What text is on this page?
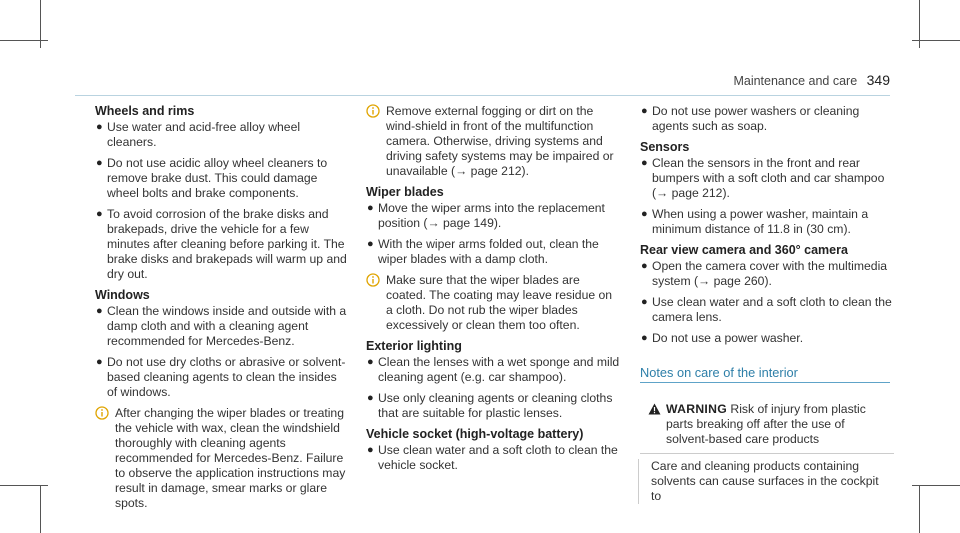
Maintenance and care 349
Wheels and rims
● Use water and acid-free alloy wheel cleaners.
● Do not use acidic alloy wheel cleaners to remove brake dust. This could damage wheel bolts and brake components.
● To avoid corrosion of the brake disks and brakepads, drive the vehicle for a few minutes after cleaning before parking it. The brake disks and brakepads will warm up and dry out.
Windows
● Clean the windows inside and outside with a damp cloth and with a cleaning agent recommended for Mercedes-Benz.
● Do not use dry cloths or abrasive or solvent-based cleaning agents to clean the insides of windows.
After changing the wiper blades or treating the vehicle with wax, clean the windshield thoroughly with cleaning agents recommended for Mercedes-Benz. Failure to observe the application instructions may result in damage, smear marks or glare spots.
Remove external fogging or dirt on the wind-shield in front of the multifunction camera. Otherwise, driving systems and driving safety systems may be impaired or unavailable (→ page 212).
Wiper blades
● Move the wiper arms into the replacement position (→ page 149).
● With the wiper arms folded out, clean the wiper blades with a damp cloth.
Make sure that the wiper blades are coated. The coating may leave residue on a cloth. Do not rub the wiper blades excessively or clean them too often.
Exterior lighting
● Clean the lenses with a wet sponge and mild cleaning agent (e.g. car shampoo).
● Use only cleaning agents or cleaning cloths that are suitable for plastic lenses.
Vehicle socket (high-voltage battery)
● Use clean water and a soft cloth to clean the vehicle socket.
● Do not use power washers or cleaning agents such as soap.
Sensors
● Clean the sensors in the front and rear bumpers with a soft cloth and car shampoo (→ page 212).
● When using a power washer, maintain a minimum distance of 11.8 in (30 cm).
Rear view camera and 360° camera
● Open the camera cover with the multimedia system (→ page 260).
● Use clean water and a soft cloth to clean the camera lens.
● Do not use a power washer.
Notes on care of the interior
WARNING Risk of injury from plastic parts breaking off after the use of solvent-based care products
Care and cleaning products containing solvents can cause surfaces in the cockpit to
